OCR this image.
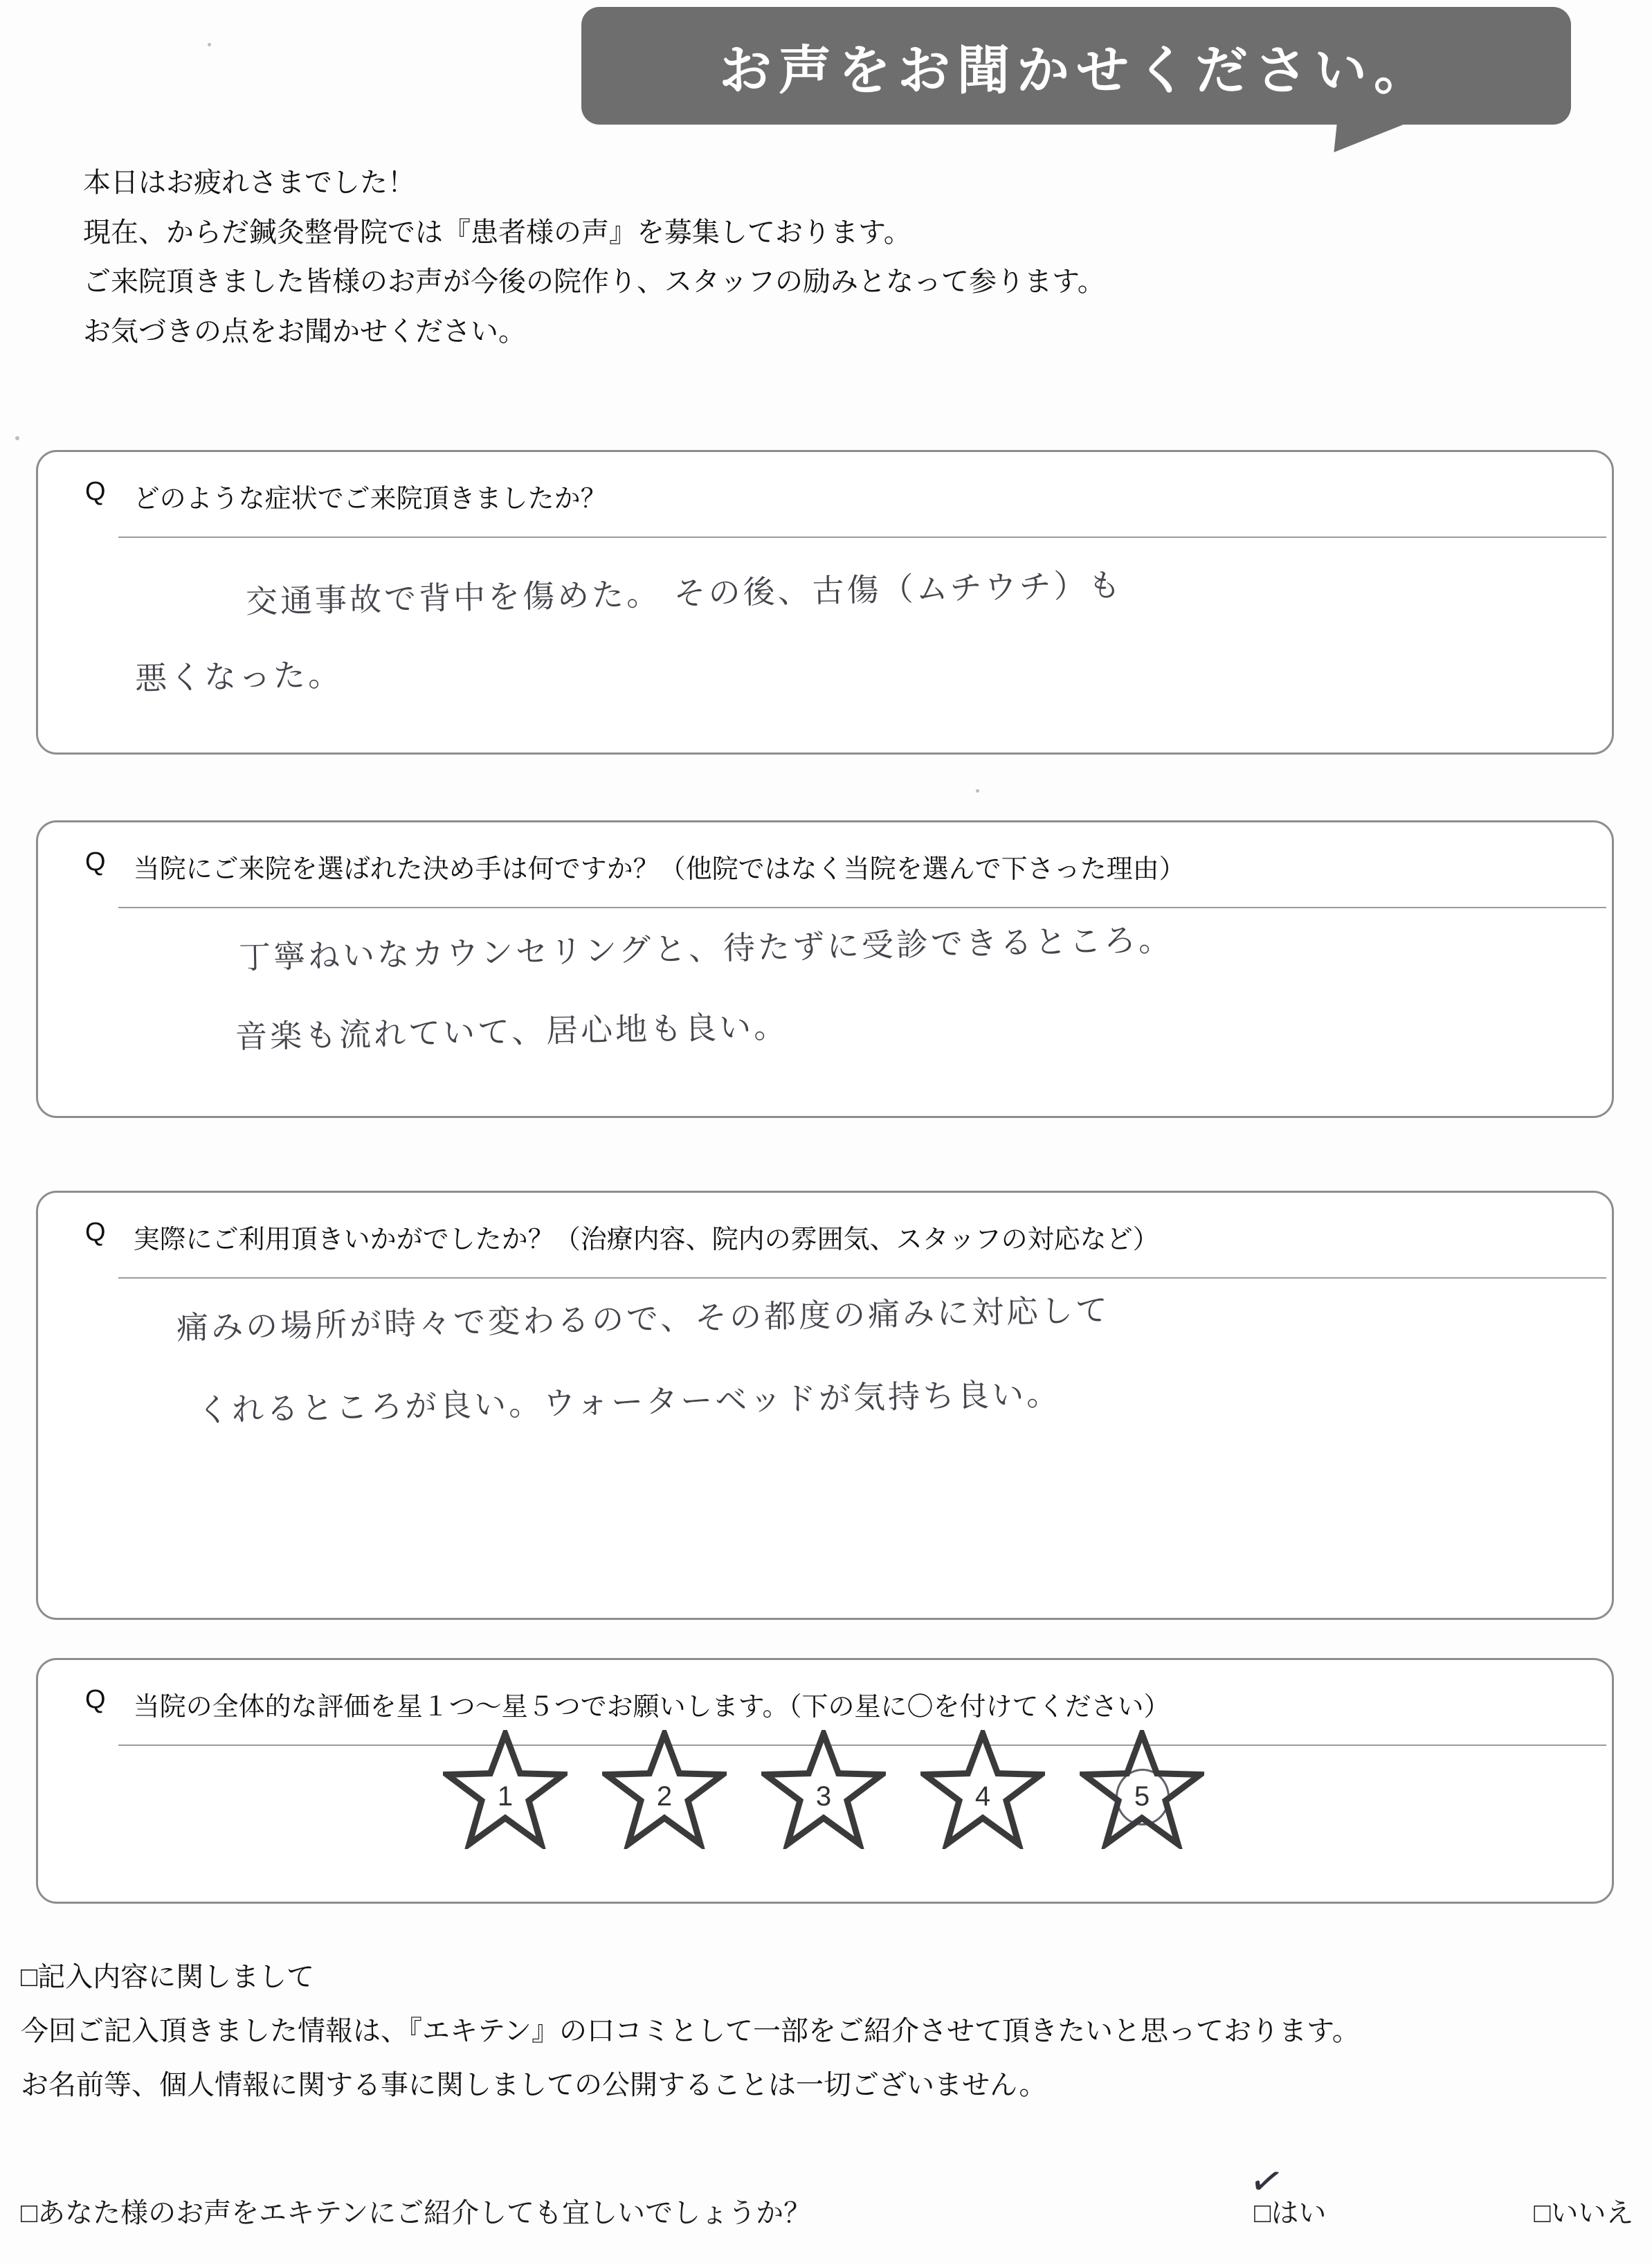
お声をお聞かせください。

本日はお疲れさまでした！

現在、からだ鍼灸整骨院では『患者様の声』を募集しております。

ご来院頂きました皆様のお声が今後の院作り、スタッフの励みとなって参ります。

お気づきの点をお聞かせください。

Q どのような症状でご来院頂きましたか？
交通事故で背中を傷めた。 その後、古傷（ムチウチ）も
悪くなった。
Q 当院にご来院を選ばれた決め手は何ですか？（他院ではなく当院を選んで下さった理由）
丁寧ねいなカウンセリングと、待たずに受診できるところ。
音楽も流れていて、居心地も良い。
Q 実際にご利用頂きいかがでしたか？（治療内容、院内の雰囲気、スタッフの対応など）
痛みの場所が時々で変わるので、その都度の痛みに対応して
くれるところが良い。ウォーターベッドが気持ち良い。
Q 当院の全体的な評価を星１つ〜星５つでお願いします。（下の星に〇を付けてください）
1	2	3	4	5

□記入内容に関しまして

今回ご記入頂きました情報は、『エキテン』の口コミとして一部をご紹介させて頂きたいと思っております。

お名前等、個人情報に関する事に関しましての公開することは一切ございません。

□あなた様のお声をエキテンにご紹介しても宜しいでしょうか？
✓
□はい	□いいえ
